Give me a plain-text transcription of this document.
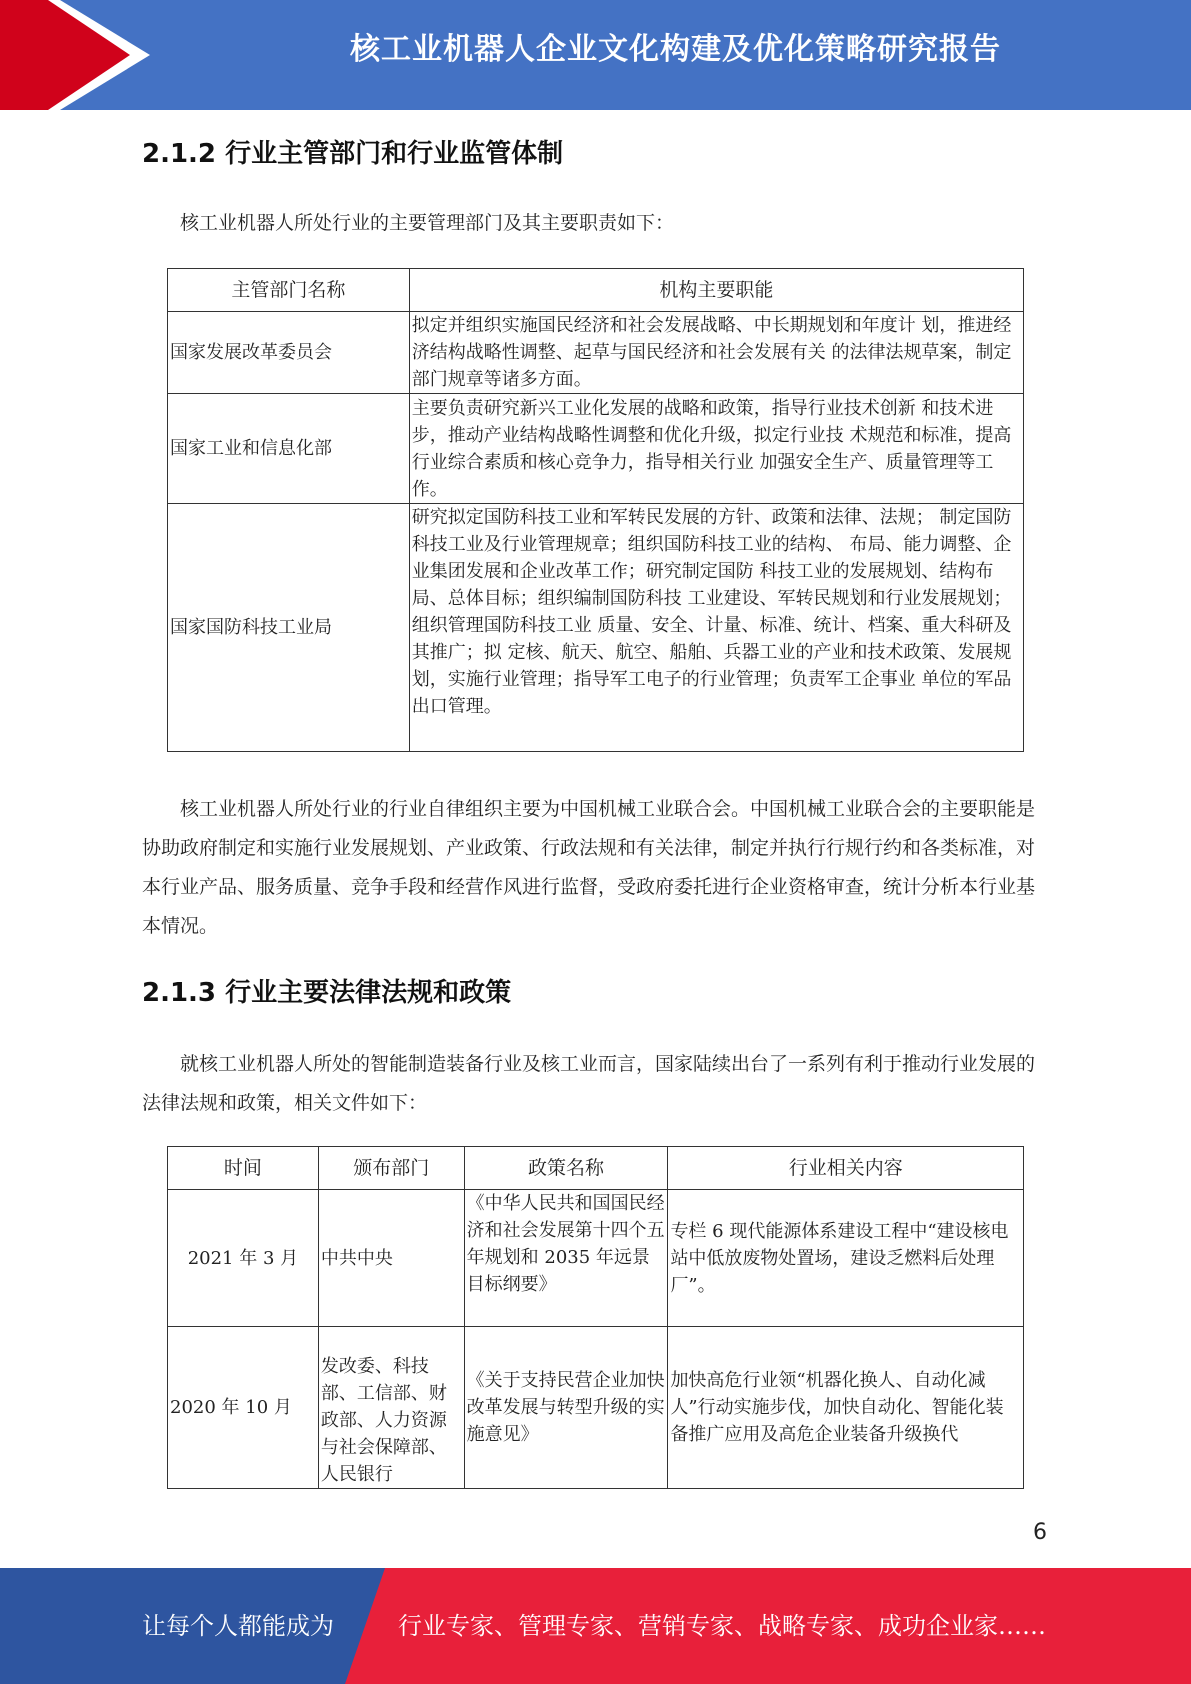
核工业机器人企业文化构建及优化策略研究报告
2.1.2 行业主管部门和行业监管体制

核工业机器人所处行业的主要管理部门及其主要职责如下：

主管部门名称	机构主要职能
国家发展改革委员会	拟定并组织实施国民经济和社会发展战略、中长期规划和年度计 划，推进经济结构战略性调整、起草与国民经济和社会发展有关 的法律法规草案，制定部门规章等诸多方面。
国家工业和信息化部	主要负责研究新兴工业化发展的战略和政策，指导行业技术创新 和技术进步，推动产业结构战略性调整和优化升级，拟定行业技 术规范和标准，提高行业综合素质和核心竞争力，指导相关行业 加强安全生产、质量管理等工作。
国家国防科技工业局	研究拟定国防科技工业和军转民发展的方针、政策和法律、法规； 制定国防科技工业及行业管理规章；组织国防科技工业的结构、 布局、能力调整、企业集团发展和企业改革工作；研究制定国防 科技工业的发展规划、结构布局、总体目标；组织编制国防科技 工业建设、军转民规划和行业发展规划；组织管理国防科技工业 质量、安全、计量、标准、统计、档案、重大科研及其推广；拟 定核、航天、航空、船舶、兵器工业的产业和技术政策、发展规 划，实施行业管理；指导军工电子的行业管理；负责军工企事业 单位的军品出口管理。

核工业机器人所处行业的行业自律组织主要为中国机械工业联合会。中国机械工业联合会的主要职能是协助政府制定和实施行业发展规划、产业政策、行政法规和有关法律，制定并执行行规行约和各类标准，对本行业产品、服务质量、竞争手段和经营作风进行监督，受政府委托进行企业资格审查，统计分析本行业基本情况。

2.1.3 行业主要法律法规和政策

就核工业机器人所处的智能制造装备行业及核工业而言，国家陆续出台了一系列有利于推动行业发展的法律法规和政策，相关文件如下：

时间	颁布部门	政策名称	行业相关内容
2021 年 3 月	中共中央	《中华人民共和国国民经济和社会发展第十四个五年规划和 2035 年远景目标纲要》	专栏 6 现代能源体系建设工程中“建设核电站中低放废物处置场，建设乏燃料后处理厂”。
2020 年 10 月	发改委、科技部、工信部、财政部、人力资源与社会保障部、人民银行	《关于支持民营企业加快改革发展与转型升级的实施意见》	加快高危行业领“机器化换人、自动化减人”行动实施步伐，加快自动化、智能化装备推广应用及高危企业装备升级换代
6
让每个人都能成为	行业专家、管理专家、营销专家、战略专家、成功企业家……
